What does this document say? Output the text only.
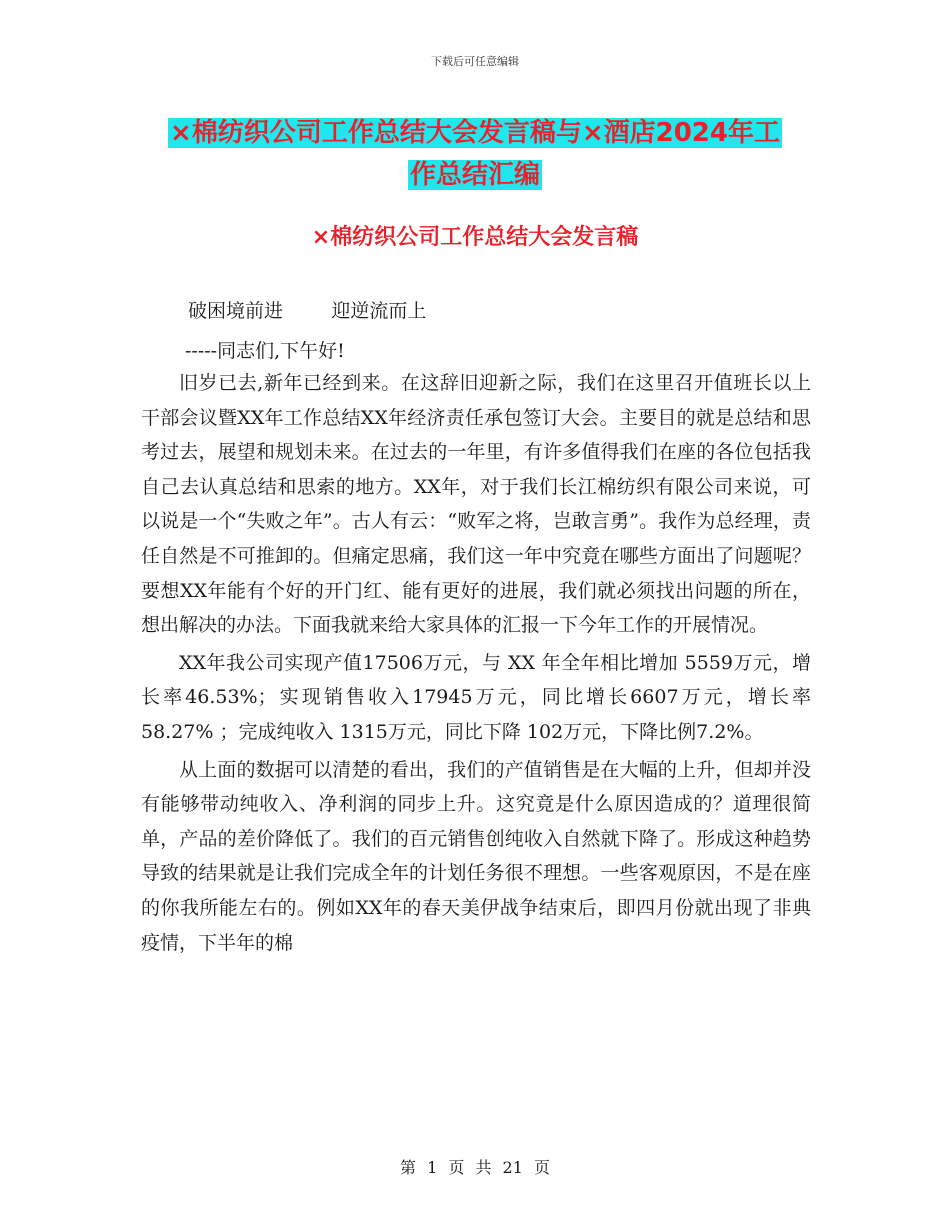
下载后可任意编辑
×棉纺织公司工作总结大会发言稿与×酒店2024年工
作总结汇编
×棉纺织公司工作总结大会发言稿
破困境前进        迎逆流而上
-----同志们,下午好!

旧岁已去,新年已经到来。在这辞旧迎新之际，我们在这里召开值班长以上干部会议暨XX年工作总结XX年经济责任承包签订大会。主要目的就是总结和思考过去，展望和规划未来。在过去的一年里，有许多值得我们在座的各位包括我自己去认真总结和思索的地方。XX年，对于我们长江棉纺织有限公司来说，可以说是一个“失败之年”。古人有云：“败军之将，岂敢言勇”。我作为总经理，责任自然是不可推卸的。但痛定思痛，我们这一年中究竟在哪些方面出了问题呢？要想XX年能有个好的开门红、能有更好的进展，我们就必须找出问题的所在，想出解决的办法。下面我就来给大家具体的汇报一下今年工作的开展情况。

XX年我公司实现产值17506万元，与 XX 年全年相比增加 5559万元，增长率46.53%；实现销售收入17945万元，同比增长6607万元，增长率58.27% ；完成纯收入 1315万元，同比下降 102万元，下降比例7.2%。

从上面的数据可以清楚的看出，我们的产值销售是在大幅的上升，但却并没有能够带动纯收入、净利润的同步上升。这究竟是什么原因造成的？道理很简单，产品的差价降低了。我们的百元销售创纯收入自然就下降了。形成这种趋势导致的结果就是让我们完成全年的计划任务很不理想。一些客观原因，不是在座的你我所能左右的。例如XX年的春天美伊战争结束后，即四月份就出现了非典疫情，下半年的棉

第 1 页 共 21 页
